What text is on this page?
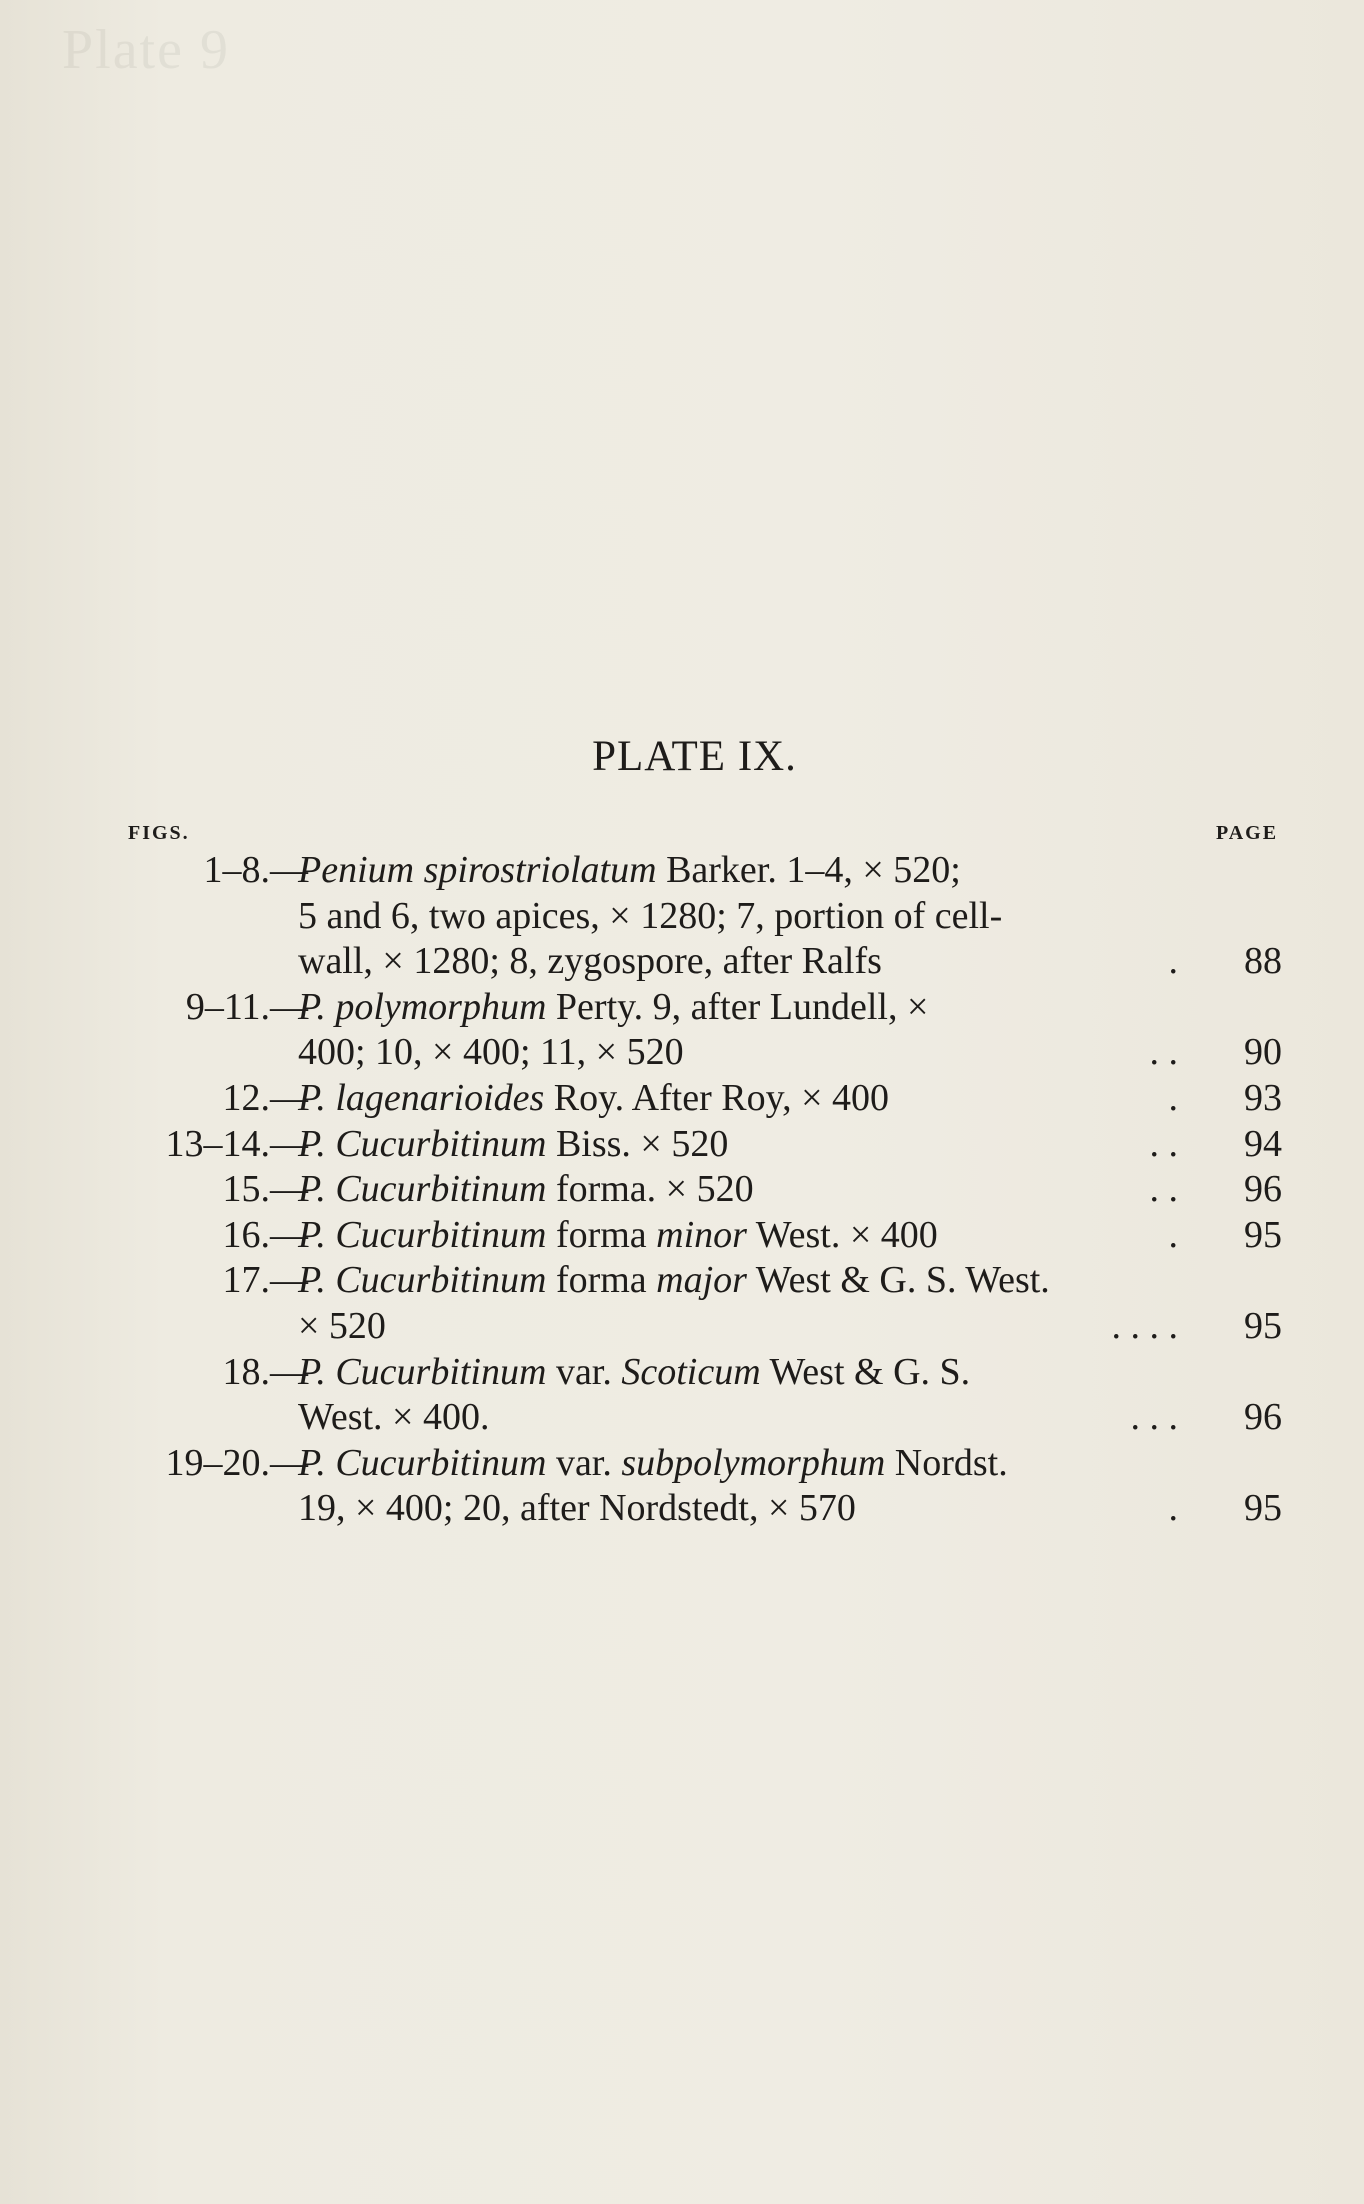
Plate 9
PLATE IX.
FIGS.	PAGE
1–8. —
Penium spirostriolatum Barker. 1–4, × 520;
5 and 6, two apices, × 1280; 7, portion of cell-
wall, × 1280; 8, zygospore, after Ralfs	. 88
9–11. —
P. polymorphum Perty. 9, after Lundell, ×
400; 10, × 400; 11, × 520	. . 90
12. —
P. lagenarioides Roy. After Roy, × 400	. 93
13–14. —
P. Cucurbitinum Biss. × 520	. . 94
15. —
P. Cucurbitinum forma. × 520	. . 96
16. —
P. Cucurbitinum forma minor West. × 400	. 95
17. —
P. Cucurbitinum forma major West & G. S. West.
× 520	. . . . 95
18. —
P. Cucurbitinum var. Scoticum West & G. S.
West. × 400.	. . . 96
19–20. —
P. Cucurbitinum var. subpolymorphum Nordst.
19, × 400; 20, after Nordstedt, × 570	. 95
